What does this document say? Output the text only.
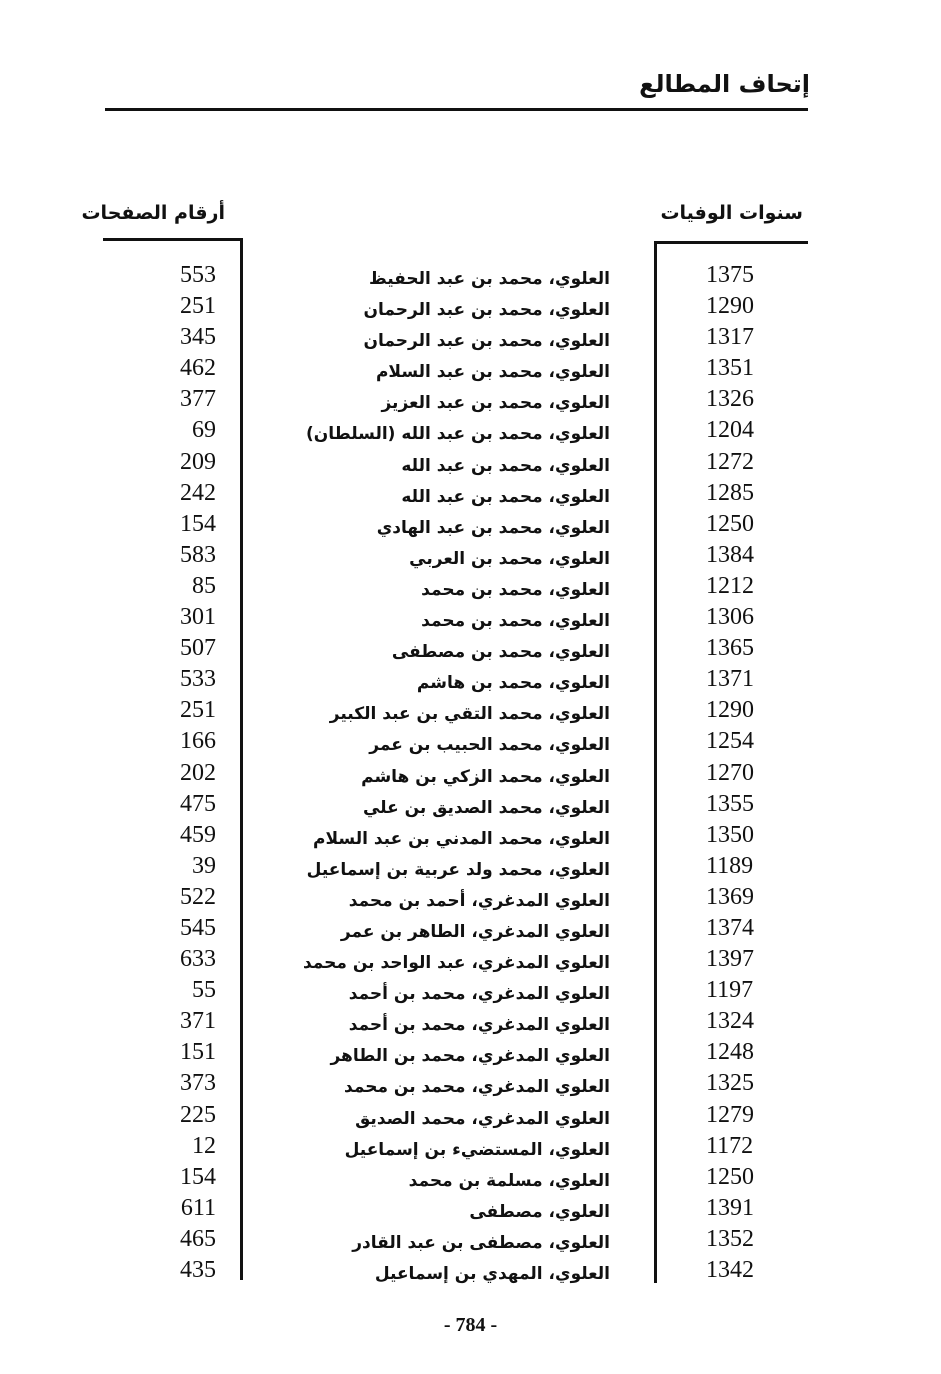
إتحاف المطالع
سنوات الوفيات
أرقام الصفحات
1375
العلوي، محمد بن عبد الحفيظ
553
1290
العلوي، محمد بن عبد الرحمان
251
1317
العلوي، محمد بن عبد الرحمان
345
1351
العلوي، محمد بن عبد السلام
462
1326
العلوي، محمد بن عبد العزيز
377
1204
العلوي، محمد بن عبد الله (السلطان)
69
1272
العلوي، محمد بن عبد الله
209
1285
العلوي، محمد بن عبد الله
242
1250
العلوي، محمد بن عبد الهادي
154
1384
العلوي، محمد بن العربي
583
1212
العلوي، محمد بن محمد
85
1306
العلوي، محمد بن محمد
301
1365
العلوي، محمد بن مصطفى
507
1371
العلوي، محمد بن هاشم
533
1290
العلوي، محمد التقي بن عبد الكبير
251
1254
العلوي، محمد الحبيب بن عمر
166
1270
العلوي، محمد الزكي بن هاشم
202
1355
العلوي، محمد الصديق بن علي
475
1350
العلوي، محمد المدني بن عبد السلام
459
1189
العلوي، محمد ولد عربية بن إسماعيل
39
1369
العلوي المدغري، أحمد بن محمد
522
1374
العلوي المدغري، الطاهر بن عمر
545
1397
العلوي المدغري، عبد الواحد بن محمد
633
1197
العلوي المدغري، محمد بن أحمد
55
1324
العلوي المدغري، محمد بن أحمد
371
1248
العلوي المدغري، محمد بن الطاهر
151
1325
العلوي المدغري، محمد بن محمد
373
1279
العلوي المدغري، محمد الصديق
225
1172
العلوي، المستضيء بن إسماعيل
12
1250
العلوي، مسلمة بن محمد
154
1391
العلوي، مصطفى
611
1352
العلوي، مصطفى بن عبد القادر
465
1342
العلوي، المهدي بن إسماعيل
435
- 784 -
